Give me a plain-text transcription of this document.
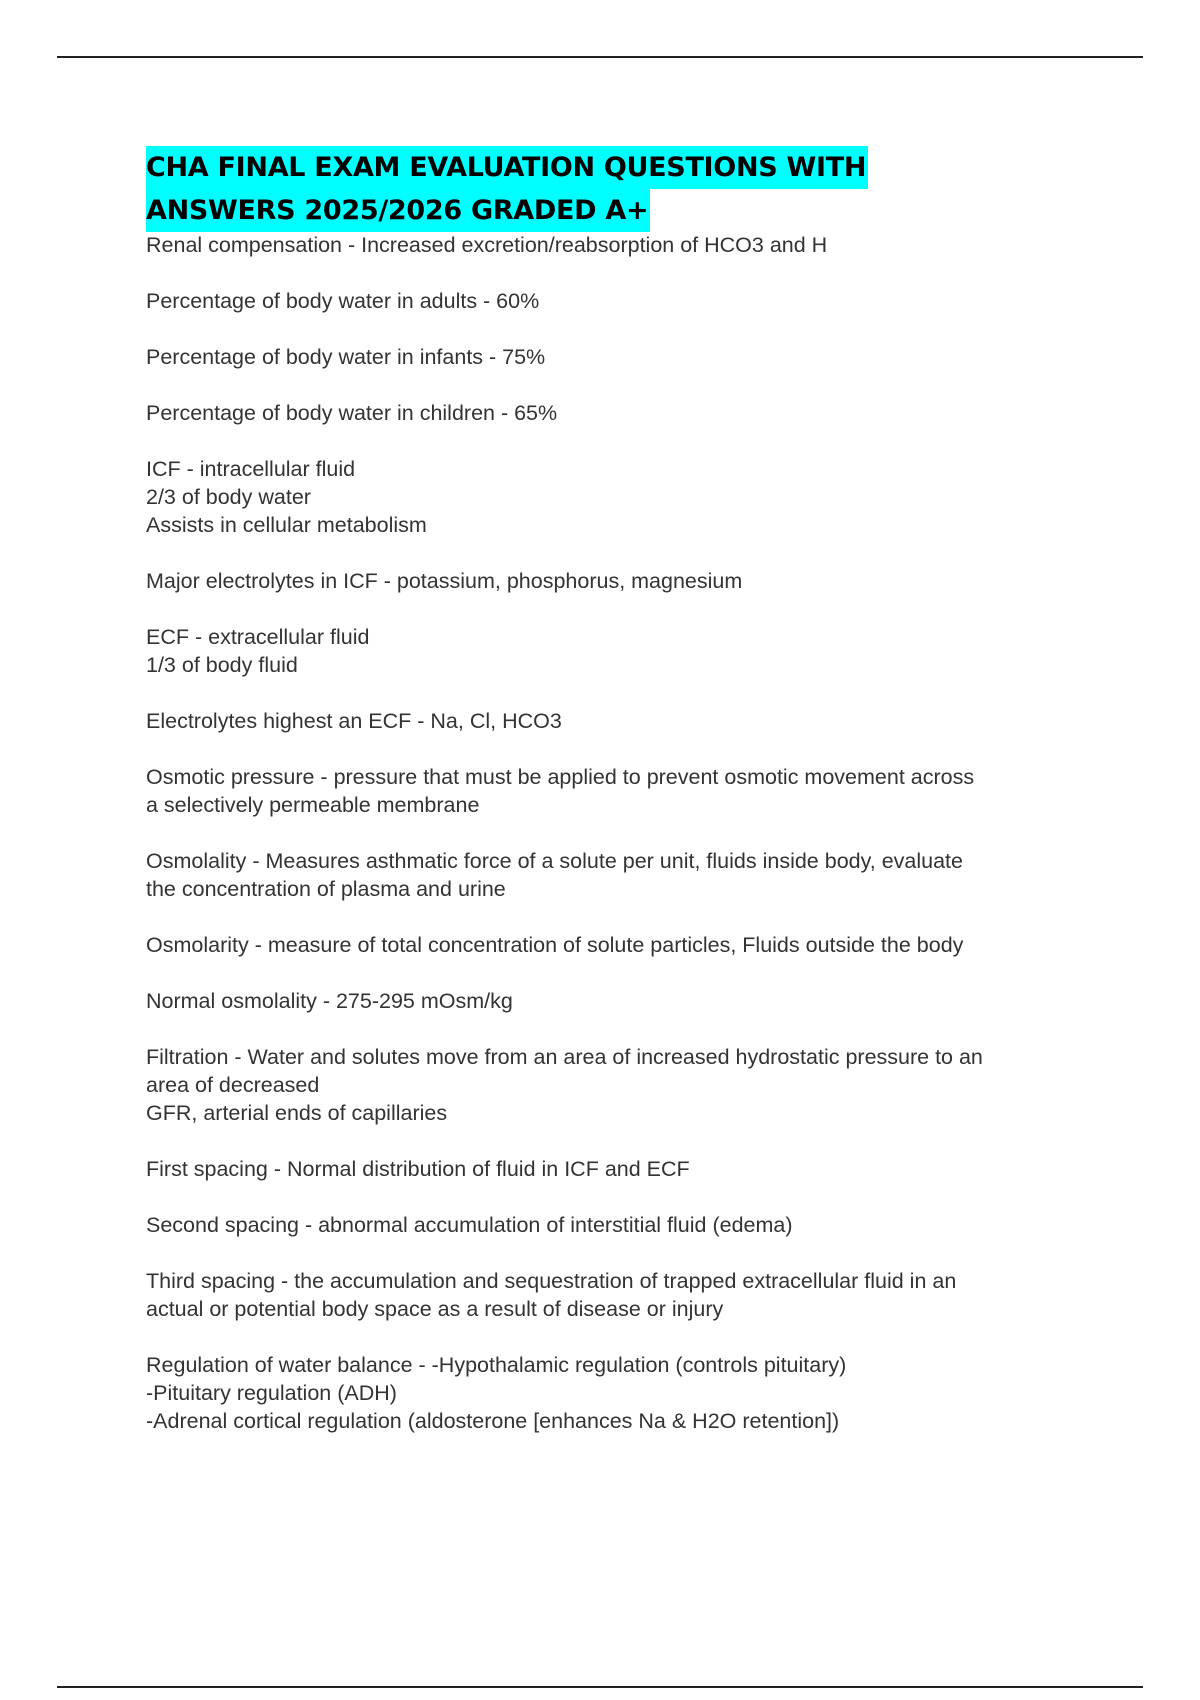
CHA FINAL EXAM EVALUATION QUESTIONS WITH
ANSWERS 2025/2026 GRADED A+
Renal compensation - Increased excretion/reabsorption of HCO3 and H
Percentage of body water in adults - 60%
Percentage of body water in infants - 75%
Percentage of body water in children - 65%
ICF - intracellular fluid
2/3 of body water
Assists in cellular metabolism
Major electrolytes in ICF - potassium, phosphorus, magnesium
ECF - extracellular fluid
1/3 of body fluid
Electrolytes highest an ECF - Na, Cl, HCO3
Osmotic pressure - pressure that must be applied to prevent osmotic movement across
a selectively permeable membrane
Osmolality - Measures asthmatic force of a solute per unit, fluids inside body, evaluate
the concentration of plasma and urine
Osmolarity - measure of total concentration of solute particles, Fluids outside the body
Normal osmolality - 275-295 mOsm/kg
Filtration - Water and solutes move from an area of increased hydrostatic pressure to an
area of decreased
GFR, arterial ends of capillaries
First spacing - Normal distribution of fluid in ICF and ECF
Second spacing - abnormal accumulation of interstitial fluid (edema)
Third spacing - the accumulation and sequestration of trapped extracellular fluid in an
actual or potential body space as a result of disease or injury
Regulation of water balance - -Hypothalamic regulation (controls pituitary)
-Pituitary regulation (ADH)
-Adrenal cortical regulation (aldosterone [enhances Na & H2O retention])
